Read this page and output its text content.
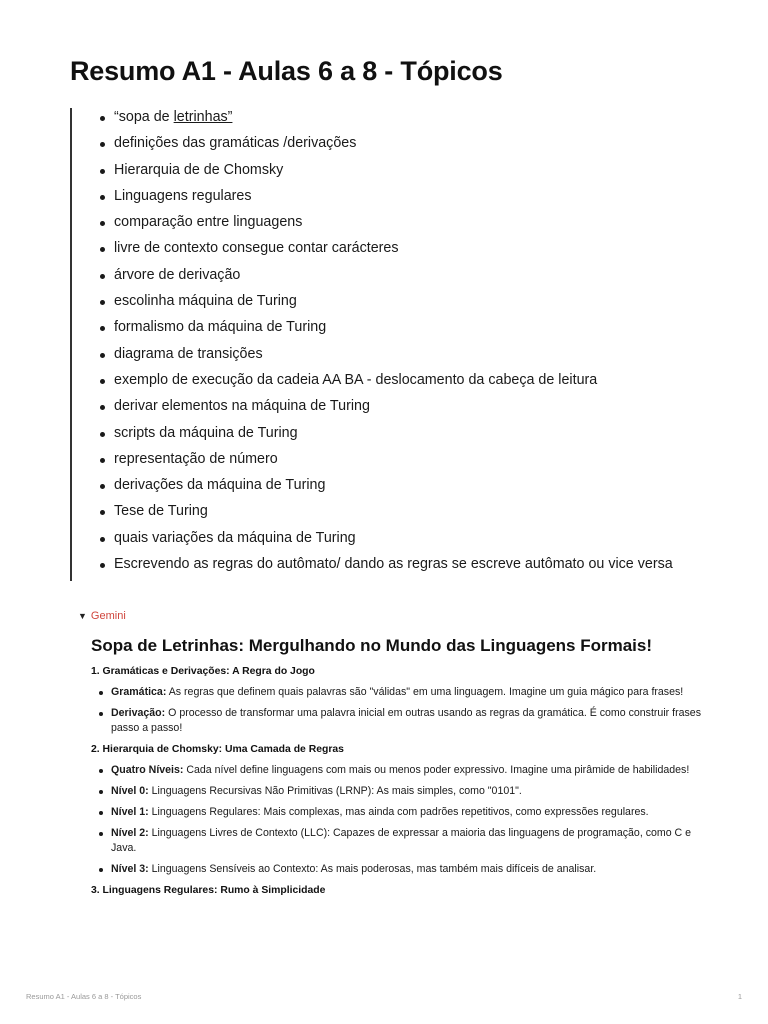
Resumo A1 - Aulas 6 a 8 - Tópicos
“sopa de letrinhas”
definições das gramáticas /derivações
Hierarquia de de Chomsky
Linguagens regulares
comparação entre linguagens
livre de contexto consegue contar carácteres
árvore de derivação
escolinha máquina de Turing
formalismo da máquina de Turing
diagrama de transições
exemplo de execução da cadeia AA BA - deslocamento da cabeça de leitura
derivar elementos na máquina de Turing
scripts da máquina de Turing
representação de número
derivações da máquina de Turing
Tese de Turing
quais variações da máquina de Turing
Escrevendo as regras do autômato/ dando as regras se escreve autômato ou vice versa
▼ Gemini
Sopa de Letrinhas: Mergulhando no Mundo das Linguagens Formais!
1. Gramáticas e Derivações: A Regra do Jogo
Gramática: As regras que definem quais palavras são "válidas" em uma linguagem. Imagine um guia mágico para frases!
Derivação: O processo de transformar uma palavra inicial em outras usando as regras da gramática. É como construir frases passo a passo!
2. Hierarquia de Chomsky: Uma Camada de Regras
Quatro Níveis: Cada nível define linguagens com mais ou menos poder expressivo. Imagine uma pirâmide de habilidades!
Nível 0: Linguagens Recursivas Não Primitivas (LRNP): As mais simples, como "0101".
Nível 1: Linguagens Regulares: Mais complexas, mas ainda com padrões repetitivos, como expressões regulares.
Nível 2: Linguagens Livres de Contexto (LLC): Capazes de expressar a maioria das linguagens de programação, como C e Java.
Nível 3: Linguagens Sensíveis ao Contexto: As mais poderosas, mas também mais difíceis de analisar.
3. Linguagens Regulares: Rumo à Simplicidade
Resumo A1 - Aulas 6 a 8 - Tópicos	1
